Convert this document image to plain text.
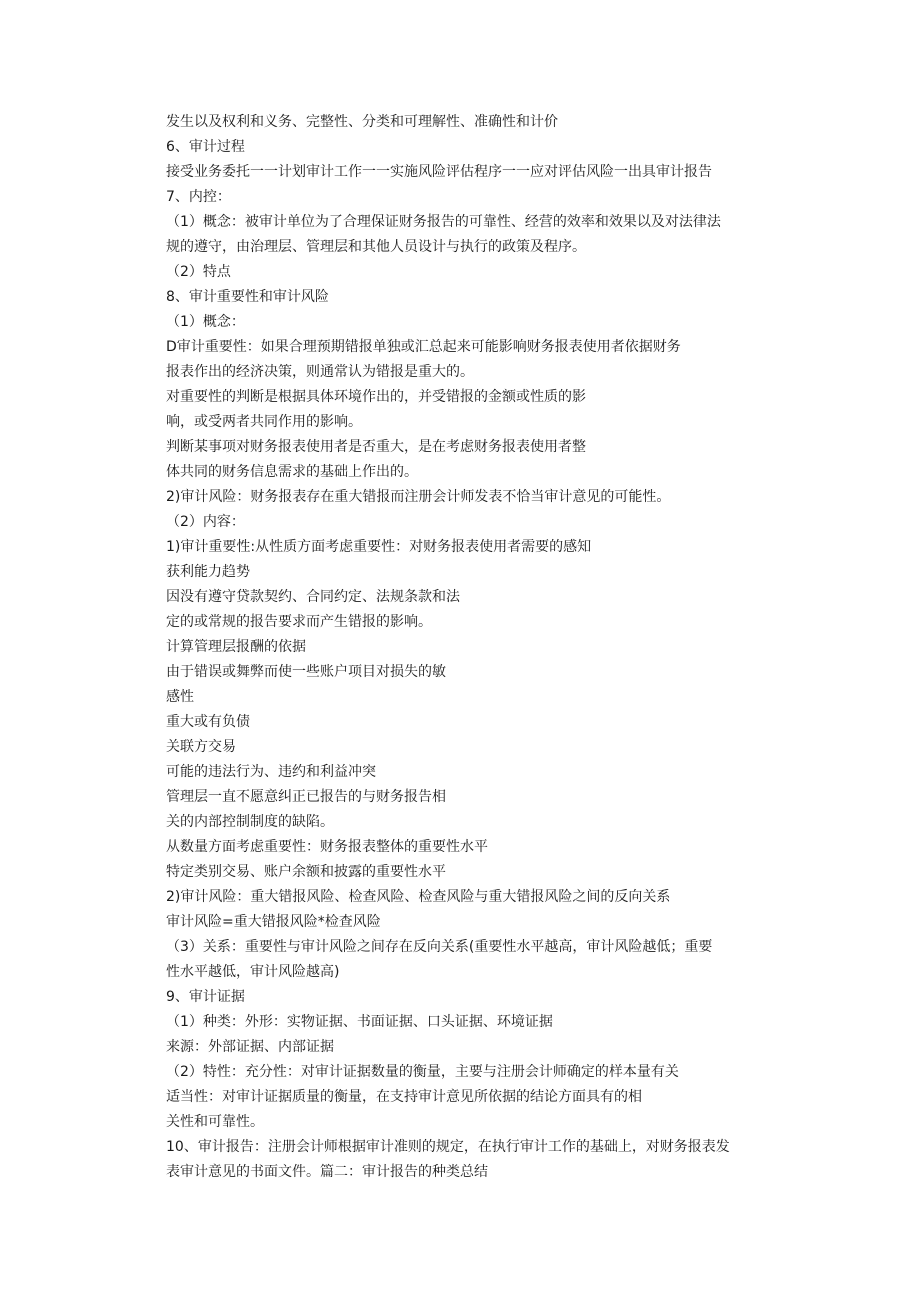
发生以及权利和义务、完整性、分类和可理解性、准确性和计价
6、审计过程
接受业务委托一一计划审计工作一一实施风险评估程序一一应对评估风险一出具审计报告
7、内控：
（1）概念：被审计单位为了合理保证财务报告的可靠性、经营的效率和效果以及对法律法
规的遵守，由治理层、管理层和其他人员设计与执行的政策及程序。
（2）特点
8、审计重要性和审计风险
（1）概念：
D审计重要性：如果合理预期错报单独或汇总起来可能影响财务报表使用者依据财务
报表作出的经济决策，则通常认为错报是重大的。
对重要性的判断是根据具体环境作出的，并受错报的金额或性质的影
响，或受两者共同作用的影响。
判断某事项对财务报表使用者是否重大，是在考虑财务报表使用者整
体共同的财务信息需求的基础上作出的。
2)审计风险：财务报表存在重大错报而注册会计师发表不恰当审计意见的可能性。
（2）内容：
1)审计重要性:从性质方面考虑重要性：对财务报表使用者需要的感知
获利能力趋势
因没有遵守贷款契约、合同约定、法规条款和法
定的或常规的报告要求而产生错报的影响。
计算管理层报酬的依据
由于错误或舞弊而使一些账户项目对损失的敏
感性
重大或有负债
关联方交易
可能的违法行为、违约和利益冲突
管理层一直不愿意纠正已报告的与财务报告相
关的内部控制制度的缺陷。
从数量方面考虑重要性：财务报表整体的重要性水平
特定类别交易、账户余额和披露的重要性水平
2)审计风险：重大错报风险、检查风险、检查风险与重大错报风险之间的反向关系
审计风险=重大错报风险*检查风险
（3）关系：重要性与审计风险之间存在反向关系(重要性水平越高，审计风险越低；重要
性水平越低，审计风险越高)
9、审计证据
（1）种类：外形：实物证据、书面证据、口头证据、环境证据
来源：外部证据、内部证据
（2）特性：充分性：对审计证据数量的衡量，主要与注册会计师确定的样本量有关
适当性：对审计证据质量的衡量，在支持审计意见所依据的结论方面具有的相
关性和可靠性。
10、审计报告：注册会计师根据审计准则的规定，在执行审计工作的基础上，对财务报表发
表审计意见的书面文件。篇二：审计报告的种类总结
